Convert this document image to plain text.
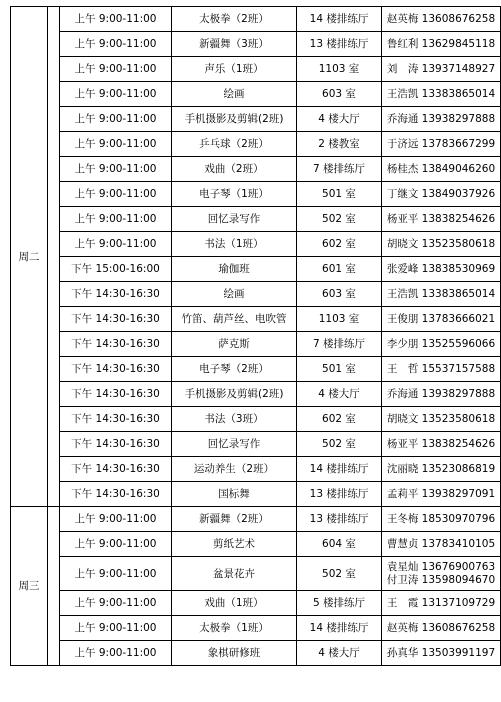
周二		上午 9:00-11:00	太极拳（2班）	14 楼排练厅	赵英梅 13608676258

		上午 9:00-11:00	新疆舞（3班）	13 楼排练厅	鲁红利 13629845118

		上午 9:00-11:00	声乐（1班）	1103 室	刘　涛 13937148927

		上午 9:00-11:00	绘画	603 室	王浩凯 13383865014

		上午 9:00-11:00	手机摄影及剪辑(2班)	4 楼大厅	乔海通 13938297888

		上午 9:00-11:00	乒乓球（2班）	2 楼教室	于济远 13783667299

		上午 9:00-11:00	戏曲（2班）	7 楼排练厅	杨桂杰 13849046260

		上午 9:00-11:00	电子琴（1班）	501 室	丁继文 13849037926

		上午 9:00-11:00	回忆录写作	502 室	杨亚平 13838254626

		上午 9:00-11:00	书法（1班）	602 室	胡晓文 13523580618

		下午 15:00-16:00	瑜伽班	601 室	张爱峰 13838530969

		下午 14:30-16:30	绘画	603 室	王浩凯 13383865014

		下午 14:30-16:30	竹笛、葫芦丝、电吹管	1103 室	王俊朋 13783666021

		下午 14:30-16:30	萨克斯	7 楼排练厅	李少朋 13525596066

		下午 14:30-16:30	电子琴（2班）	501 室	王　哲 15537157588

		下午 14:30-16:30	手机摄影及剪辑(2班)	4 楼大厅	乔海通 13938297888

		下午 14:30-16:30	书法（3班）	602 室	胡晓文 13523580618

		下午 14:30-16:30	回忆录写作	502 室	杨亚平 13838254626

		下午 14:30-16:30	运动养生（2班）	14 楼排练厅	沈丽晓 13523086819

		下午 14:30-16:30	国标舞	13 楼排练厅	孟莉平 13938297091

周三		上午 9:00-11:00	新疆舞（2班）	13 楼排练厅	王冬梅 18530970796

		上午 9:00-11:00	剪纸艺术	604 室	曹慧贞 13783410105

		上午 9:00-11:00	盆景花卉	502 室	袁星灿 13676900763
付卫涛 13598094670

		上午 9:00-11:00	戏曲（1班）	5 楼排练厅	王　霞 13137109729

		上午 9:00-11:00	太极拳（1班）	14 楼排练厅	赵英梅 13608676258

		上午 9:00-11:00	象棋研修班	4 楼大厅	孙真华 13503991197
